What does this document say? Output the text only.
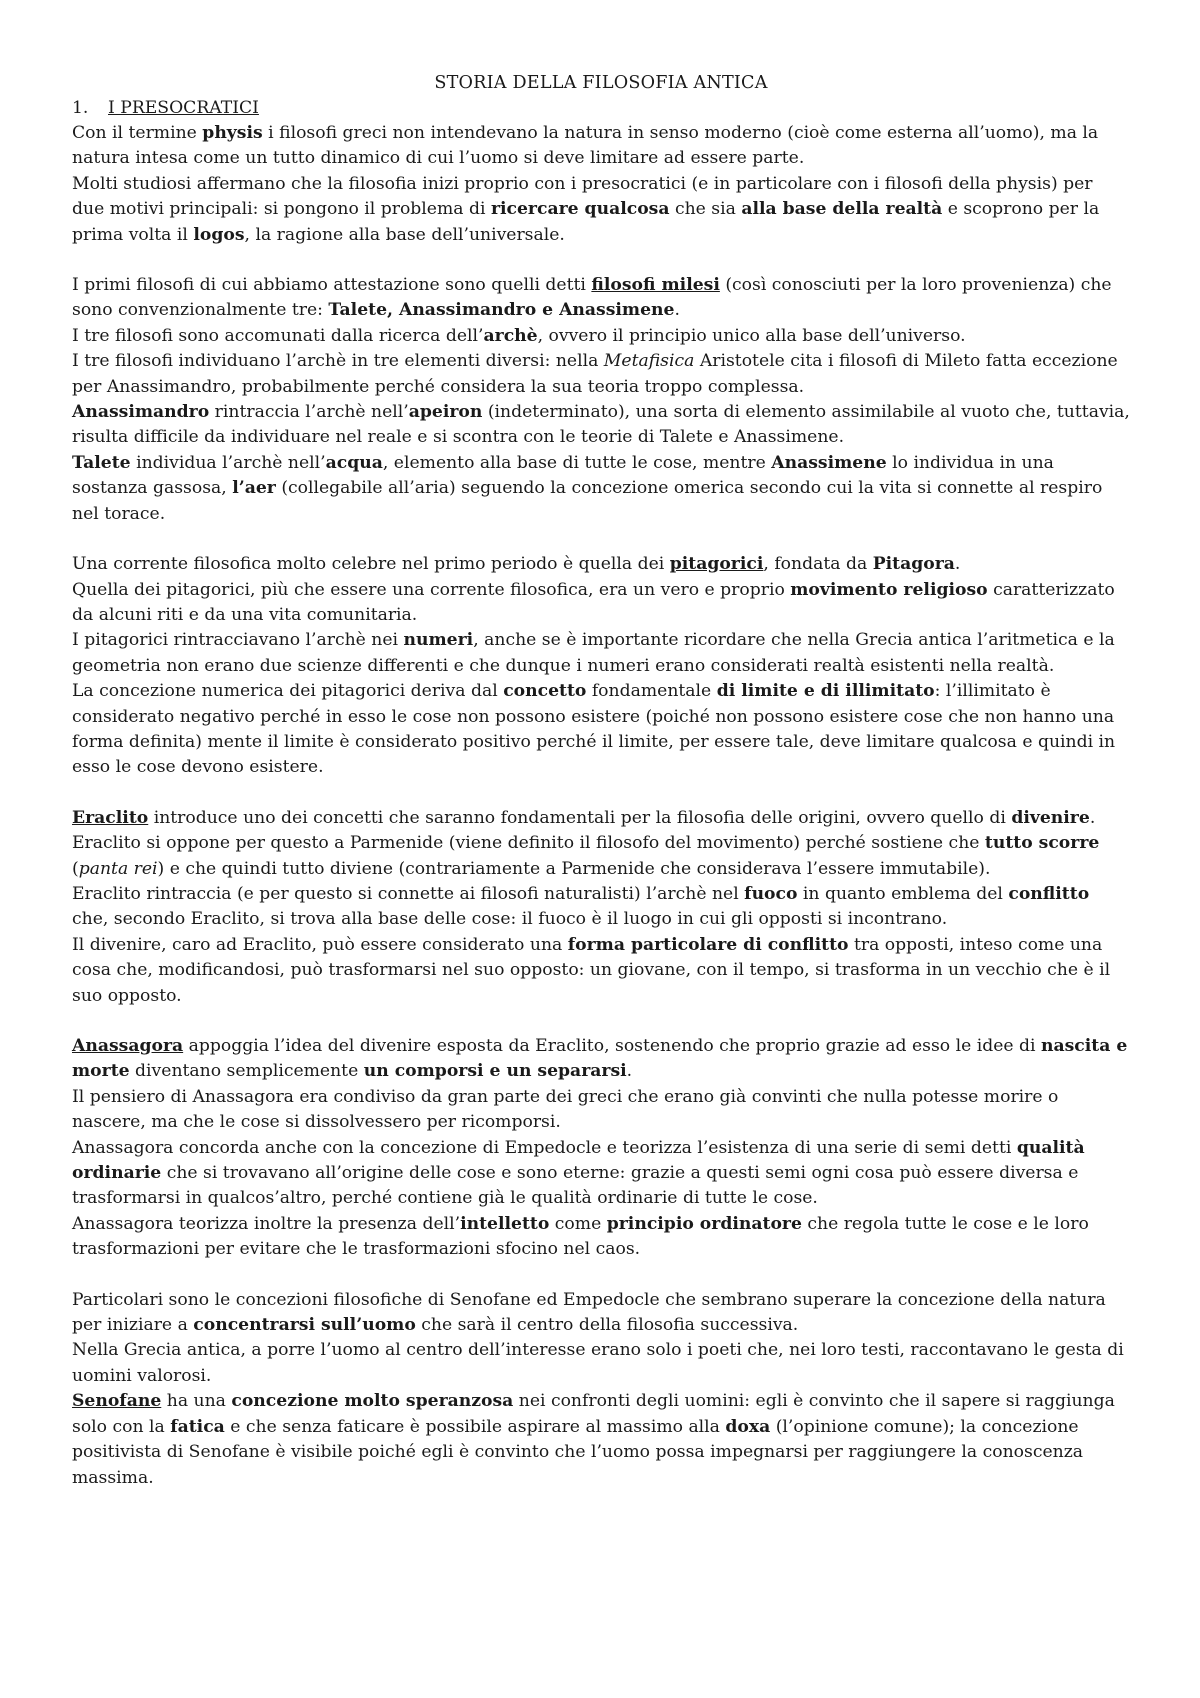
STORIA DELLA FILOSOFIA ANTICA
1. I PRESOCRATICI

Con il termine physis i filosofi greci non intendevano la natura in senso moderno (cioè come esterna all’uomo), ma la natura intesa come un tutto dinamico di cui l’uomo si deve limitare ad essere parte.

Molti studiosi affermano che la filosofia inizi proprio con i presocratici (e in particolare con i filosofi della physis) per due motivi principali: si pongono il problema di ricercare qualcosa che sia alla base della realtà e scoprono per la prima volta il logos, la ragione alla base dell’universale.

I primi filosofi di cui abbiamo attestazione sono quelli detti filosofi milesi (così conosciuti per la loro provenienza) che sono convenzionalmente tre: Talete, Anassimandro e Anassimene.

I tre filosofi sono accomunati dalla ricerca dell’archè, ovvero il principio unico alla base dell’universo.

I tre filosofi individuano l’archè in tre elementi diversi: nella Metafisica Aristotele cita i filosofi di Mileto fatta eccezione per Anassimandro, probabilmente perché considera la sua teoria troppo complessa.

Anassimandro rintraccia l’archè nell’apeiron (indeterminato), una sorta di elemento assimilabile al vuoto che, tuttavia, risulta difficile da individuare nel reale e si scontra con le teorie di Talete e Anassimene.

Talete individua l’archè nell’acqua, elemento alla base di tutte le cose, mentre Anassimene lo individua in una sostanza gassosa, l’aer (collegabile all’aria) seguendo la concezione omerica secondo cui la vita si connette al respiro nel torace.

Una corrente filosofica molto celebre nel primo periodo è quella dei pitagorici, fondata da Pitagora.

Quella dei pitagorici, più che essere una corrente filosofica, era un vero e proprio movimento religioso caratterizzato da alcuni riti e da una vita comunitaria.

I pitagorici rintracciavano l’archè nei numeri, anche se è importante ricordare che nella Grecia antica l’aritmetica e la geometria non erano due scienze differenti e che dunque i numeri erano considerati realtà esistenti nella realtà.

La concezione numerica dei pitagorici deriva dal concetto fondamentale di limite e di illimitato: l’illimitato è considerato negativo perché in esso le cose non possono esistere (poiché non possono esistere cose che non hanno una forma definita) mente il limite è considerato positivo perché il limite, per essere tale, deve limitare qualcosa e quindi in esso le cose devono esistere.

Eraclito introduce uno dei concetti che saranno fondamentali per la filosofia delle origini, ovvero quello di divenire.

Eraclito si oppone per questo a Parmenide (viene definito il filosofo del movimento) perché sostiene che tutto scorre (panta rei) e che quindi tutto diviene (contrariamente a Parmenide che considerava l’essere immutabile).

Eraclito rintraccia (e per questo si connette ai filosofi naturalisti) l’archè nel fuoco in quanto emblema del conflitto che, secondo Eraclito, si trova alla base delle cose: il fuoco è il luogo in cui gli opposti si incontrano.

Il divenire, caro ad Eraclito, può essere considerato una forma particolare di conflitto tra opposti, inteso come una cosa che, modificandosi, può trasformarsi nel suo opposto: un giovane, con il tempo, si trasforma in un vecchio che è il suo opposto.

Anassagora appoggia l’idea del divenire esposta da Eraclito, sostenendo che proprio grazie ad esso le idee di nascita e morte diventano semplicemente un comporsi e un separarsi.

Il pensiero di Anassagora era condiviso da gran parte dei greci che erano già convinti che nulla potesse morire o nascere, ma che le cose si dissolvessero per ricomporsi.

Anassagora concorda anche con la concezione di Empedocle e teorizza l’esistenza di una serie di semi detti qualità ordinarie che si trovavano all’origine delle cose e sono eterne: grazie a questi semi ogni cosa può essere diversa e trasformarsi in qualcos’altro, perché contiene già le qualità ordinarie di tutte le cose.

Anassagora teorizza inoltre la presenza dell’intelletto come principio ordinatore che regola tutte le cose e le loro trasformazioni per evitare che le trasformazioni sfocino nel caos.

Particolari sono le concezioni filosofiche di Senofane ed Empedocle che sembrano superare la concezione della natura per iniziare a concentrarsi sull’uomo che sarà il centro della filosofia successiva.

Nella Grecia antica, a porre l’uomo al centro dell’interesse erano solo i poeti che, nei loro testi, raccontavano le gesta di uomini valorosi.

Senofane ha una concezione molto speranzosa nei confronti degli uomini: egli è convinto che il sapere si raggiunga solo con la fatica e che senza faticare è possibile aspirare al massimo alla doxa (l’opinione comune); la concezione positivista di Senofane è visibile poiché egli è convinto che l’uomo possa impegnarsi per raggiungere la conoscenza massima.
